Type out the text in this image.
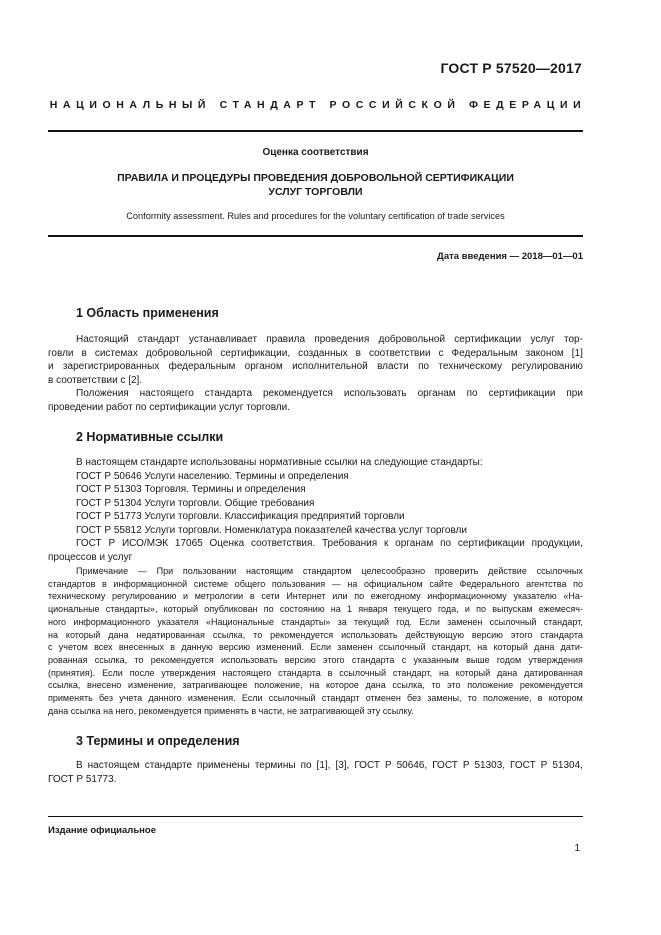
ГОСТ Р 57520—2017
НАЦИОНАЛЬНЫЙ СТАНДАРТ РОССИЙСКОЙ ФЕДЕРАЦИИ
Оценка соответствия
ПРАВИЛА И ПРОЦЕДУРЫ ПРОВЕДЕНИЯ ДОБРОВОЛЬНОЙ СЕРТИФИКАЦИИ
УСЛУГ ТОРГОВЛИ
Conformity assessment. Rules and procedures for the voluntary certification of trade services
Дата введения — 2018—01—01
1 Область применения
Настоящий стандарт устанавливает правила проведения добровольной сертификации услуг тор-
говли в системах добровольной сертификации, созданных в соответствии с Федеральным законом [1]
и зарегистрированных федеральным органом исполнительной власти по техническому регулированию
в соответствии с [2].
Положения настоящего стандарта рекомендуется использовать органам по сертификации при
проведении работ по сертификации услуг торговли.
2 Нормативные ссылки
В настоящем стандарте использованы нормативные ссылки на следующие стандарты:
ГОСТ Р 50646 Услуги населению. Термины и определения
ГОСТ Р 51303 Торговля. Термины и определения
ГОСТ Р 51304 Услуги торговли. Общие требования
ГОСТ Р 51773 Услуги торговли. Классификация предприятий торговли
ГОСТ Р 55812 Услуги торговли. Номенклатура показателей качества услуг торговли
ГОСТ Р ИСО/МЭК 17065 Оценка соответствия. Требования к органам по сертификации продукции,
процессов и услуг
Примечание — При пользовании настоящим стандартом целесообразно проверить действие ссылочных
стандартов в информационной системе общего пользования — на официальном сайте Федерального агентства по
техническому регулированию и метрологии в сети Интернет или по ежегодному информационному указателю «На-
циональные стандарты», который опубликован по состоянию на 1 января текущего года, и по выпускам ежемесяч-
ного информационного указателя «Национальные стандарты» за текущий год. Если заменен ссылочный стандарт,
на который дана недатированная ссылка, то рекомендуется использовать действующую версию этого стандарта
с учетом всех внесенных в данную версию изменений. Если заменен ссылочный стандарт, на который дана дати-
рованная ссылка, то рекомендуется использовать версию этого стандарта с указанным выше годом утверждения
(принятия). Если после утверждения настоящего стандарта в ссылочный стандарт, на который дана датированная
ссылка, внесено изменение, затрагивающее положение, на которое дана ссылка, то это положение рекомендуется
применять без учета данного изменения. Если ссылочный стандарт отменен без замены, то положение, в котором
дана ссылка на него, рекомендуется применять в части, не затрагивающей эту ссылку.
3 Термины и определения
В настоящем стандарте применены термины по [1], [3], ГОСТ Р 50646, ГОСТ Р 51303, ГОСТ Р 51304,
ГОСТ Р 51773.
Издание официальное
1
